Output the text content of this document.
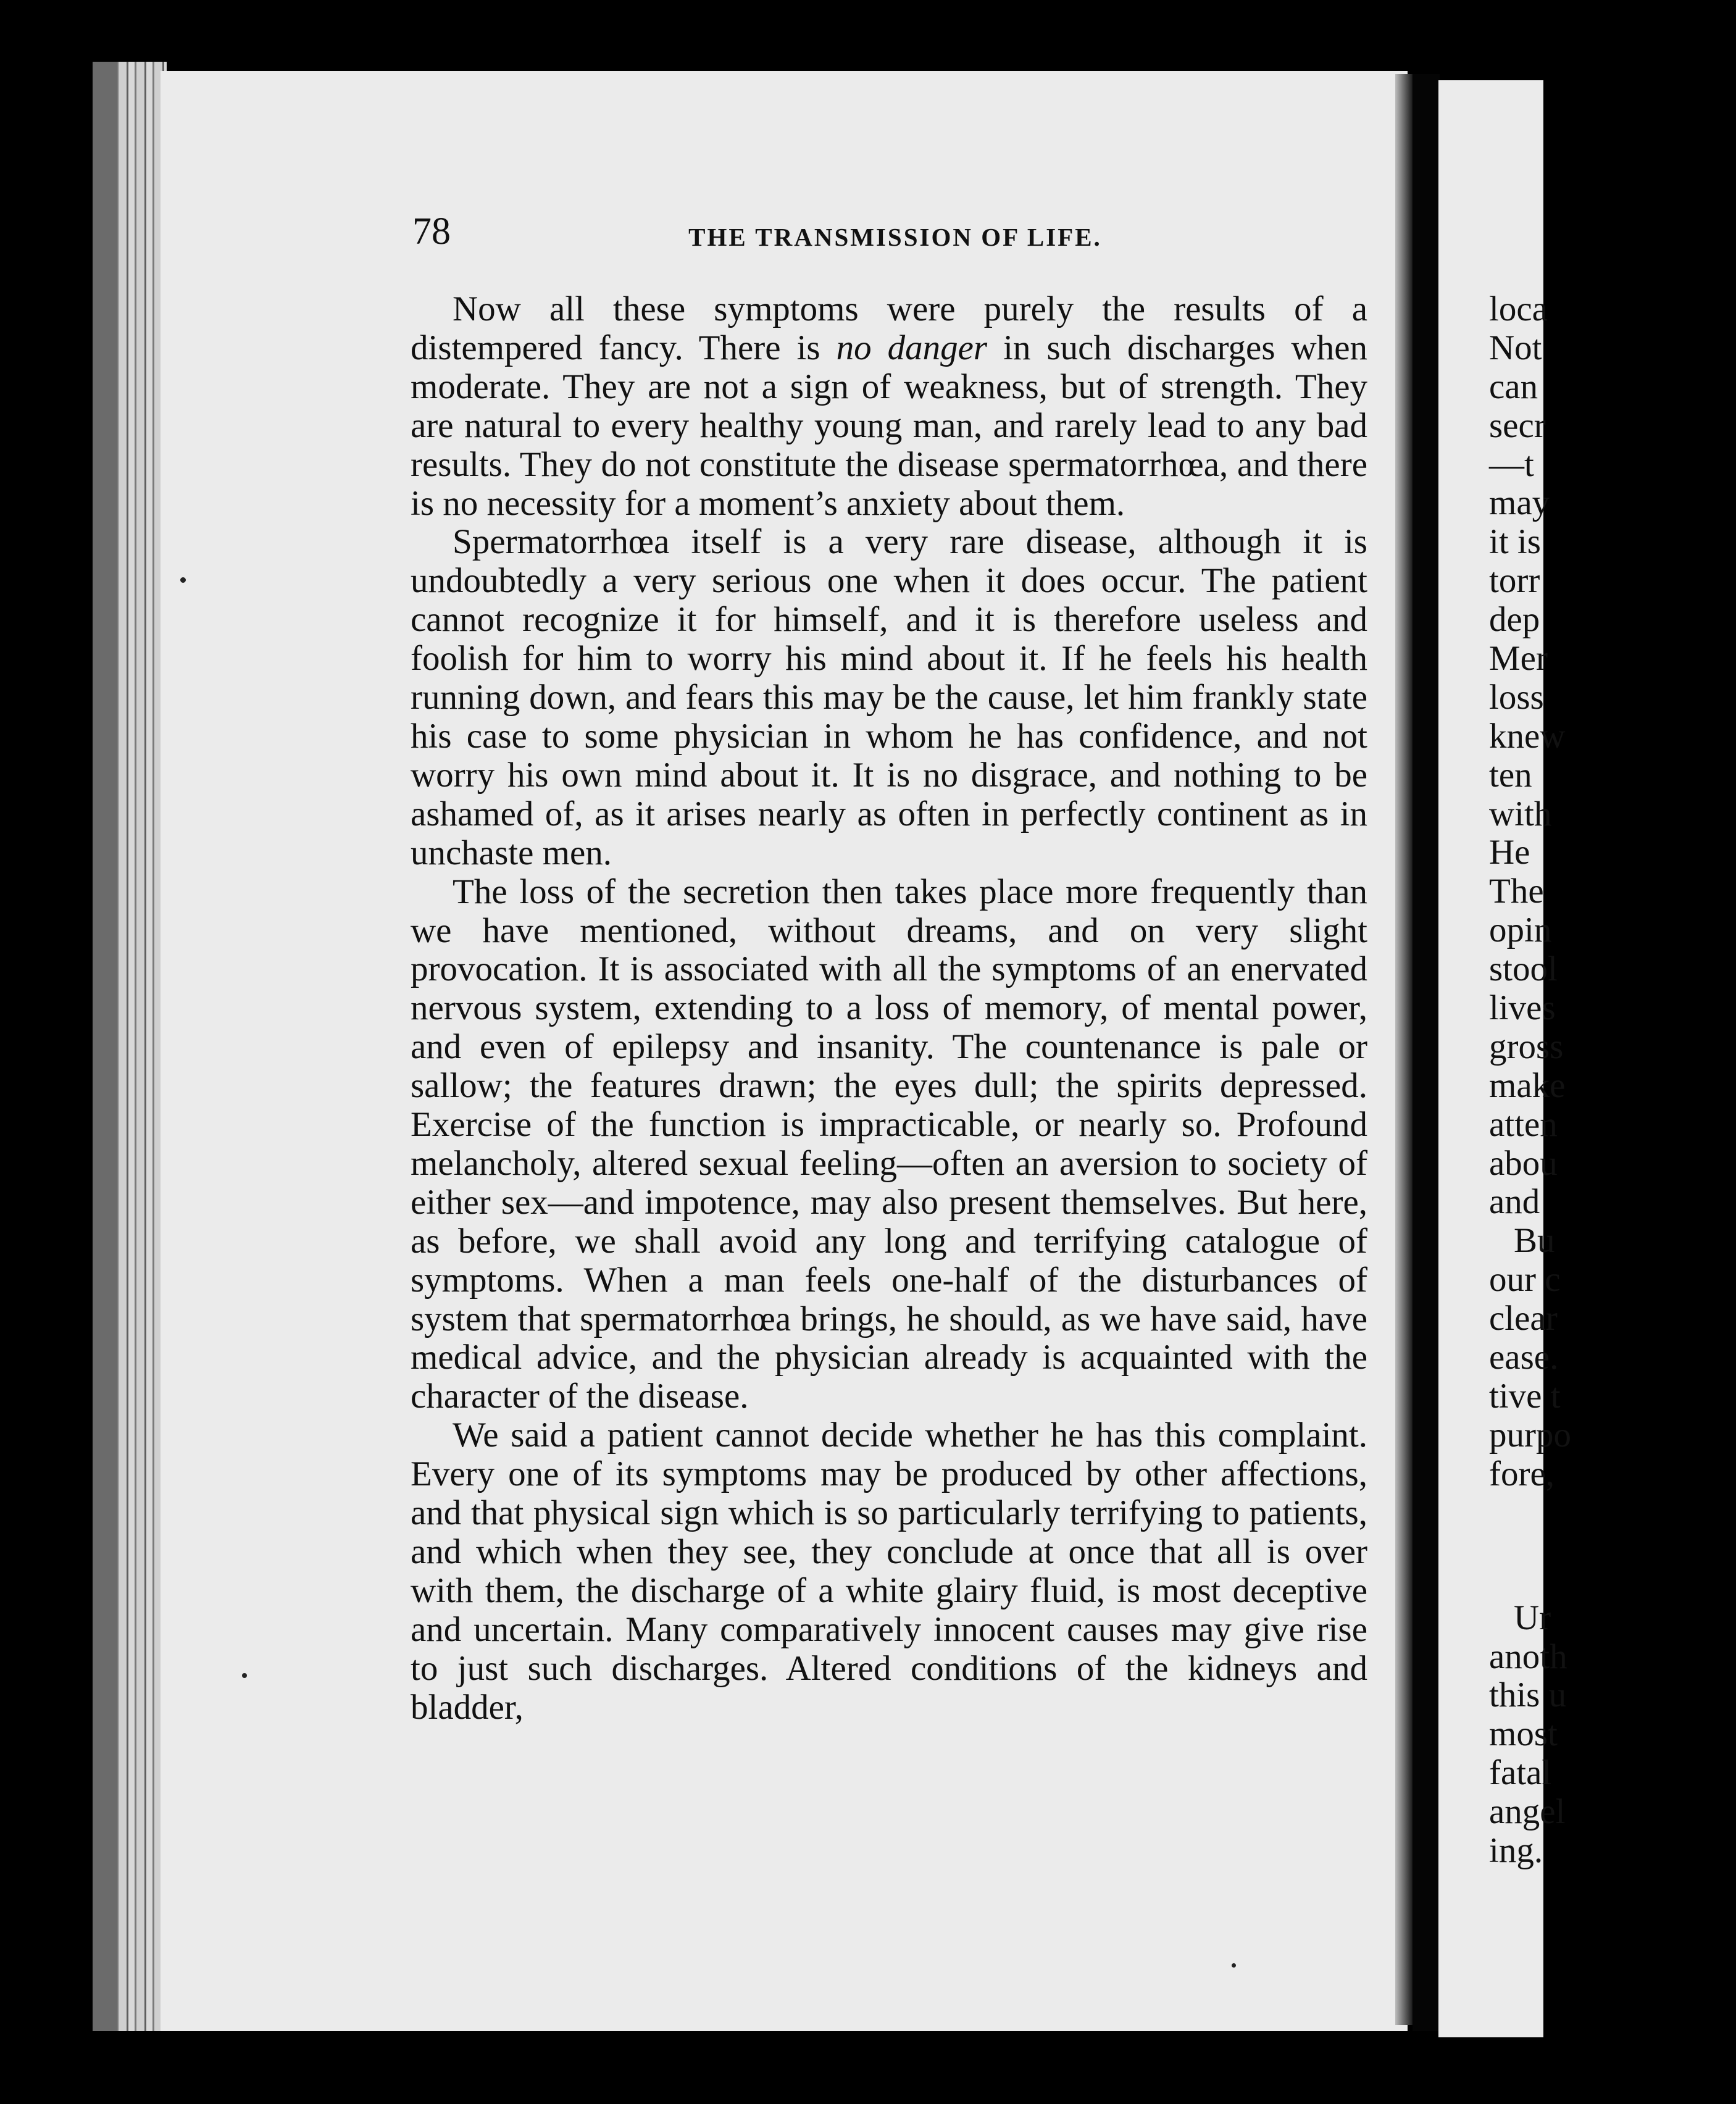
78	THE TRANSMISSION OF LIFE.

Now all these symptoms were purely the results of a distempered fancy. There is no danger in such discharges when moderate. They are not a sign of weakness, but of strength. They are natural to every healthy young man, and rarely lead to any bad results. They do not constitute the disease spermatorrhœa, and there is no necessity for a moment’s anxiety about them.

Spermatorrhœa itself is a very rare disease, although it is undoubtedly a very serious one when it does occur. The patient cannot recognize it for himself, and it is therefore useless and foolish for him to worry his mind about it. If he feels his health running down, and fears this may be the cause, let him frankly state his case to some physician in whom he has confidence, and not worry his own mind about it. It is no disgrace, and nothing to be ashamed of, as it arises nearly as often in perfectly continent as in unchaste men.

The loss of the secretion then takes place more frequently than we have mentioned, without dreams, and on very slight provocation. It is associated with all the symptoms of an enervated nervous system, extending to a loss of memory, of mental power, and even of epilepsy and insanity. The countenance is pale or sallow; the features drawn; the eyes dull; the spirits depressed. Exercise of the function is impracticable, or nearly so. Profound melancholy, altered sexual feeling—often an aversion to society of either sex—and impotence, may also present themselves. But here, as before, we shall avoid any long and terrifying catalogue of symptoms. When a man feels one-half of the disturbances of system that spermatorrhœa brings, he should, as we have said, have medical advice, and the physician already is acquainted with the character of the disease.

We said a patient cannot decide whether he has this complaint. Every one of its symptoms may be produced by other affections, and that physical sign which is so particularly terrifying to patients, and which when they see, they conclude at once that all is over with them, the discharge of a white glairy fluid, is most deceptive and uncertain. Many comparatively innocent causes may give rise to just such discharges. Altered conditions of the kidneys and bladder,

loca
Not
can
secr
—t
may
it is
torr
dep
Mer
loss
knew
ten
with
He
The
opin
stool
lives
gross
make
atten
abou
and
Bu
our c
clear
ease.
tive t
purpo
fore,
Ur
anoth
this u
most
fatal
angel
ing.
